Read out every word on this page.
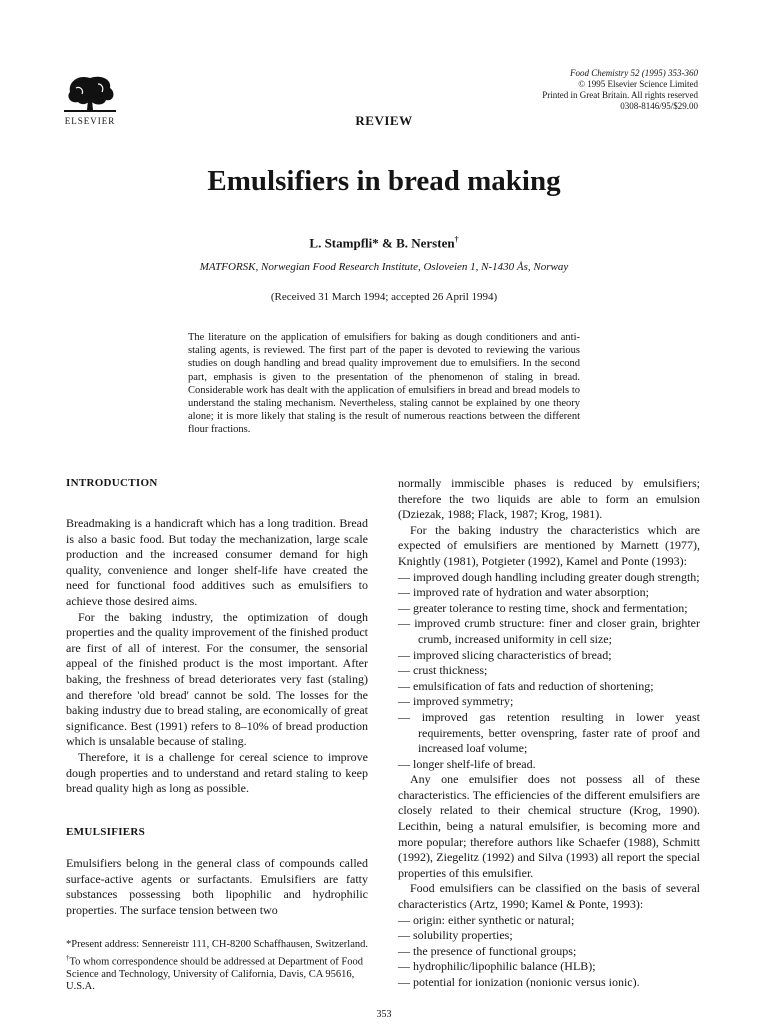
ELSEVIER
Food Chemistry 52 (1995) 353-360
© 1995 Elsevier Science Limited
Printed in Great Britain. All rights reserved
0308-8146/95/$29.00
REVIEW
Emulsifiers in bread making
L. Stampfli* & B. Nersten†
MATFORSK, Norwegian Food Research Institute, Osloveien 1, N-1430 Ås, Norway
(Received 31 March 1994; accepted 26 April 1994)
The literature on the application of emulsifiers for baking as dough conditioners and anti-staling agents, is reviewed. The first part of the paper is devoted to reviewing the various studies on dough handling and bread quality improvement due to emulsifiers. In the second part, emphasis is given to the presentation of the phenomenon of staling in bread. Considerable work has dealt with the application of emulsifiers in bread and bread models to understand the staling mechanism. Nevertheless, staling cannot be explained by one theory alone; it is more likely that staling is the result of numerous reactions between the different flour fractions.
INTRODUCTION

Breadmaking is a handicraft which has a long tradition. Bread is also a basic food. But today the mechanization, large scale production and the increased consumer demand for high quality, convenience and longer shelf-life have created the need for functional food additives such as emulsifiers to achieve those desired aims.

For the baking industry, the optimization of dough properties and the quality improvement of the finished product are first of all of interest. For the consumer, the sensorial appeal of the finished product is the most important. After baking, the freshness of bread deteriorates very fast (staling) and therefore 'old bread' cannot be sold. The losses for the baking industry due to bread staling, are economically of great significance. Best (1991) refers to 8–10% of bread production which is unsalable because of staling.

Therefore, it is a challenge for cereal science to improve dough properties and to understand and retard staling to keep bread quality high as long as possible.

EMULSIFIERS

Emulsifiers belong in the general class of compounds called surface-active agents or surfactants. Emulsifiers are fatty substances possessing both lipophilic and hydrophilic properties. The surface tension between two

*Present address: Sennereistr 111, CH-8200 Schaffhausen, Switzerland.
†To whom correspondence should be addressed at Department of Food Science and Technology, University of California, Davis, CA 95616, U.S.A.

normally immiscible phases is reduced by emulsifiers; therefore the two liquids are able to form an emulsion (Dziezak, 1988; Flack, 1987; Krog, 1981).

For the baking industry the characteristics which are expected of emulsifiers are mentioned by Marnett (1977), Knightly (1981), Potgieter (1992), Kamel and Ponte (1993):

— improved dough handling including greater dough strength;
— improved rate of hydration and water absorption;
— greater tolerance to resting time, shock and fermentation;
— improved crumb structure: finer and closer grain, brighter crumb, increased uniformity in cell size;
— improved slicing characteristics of bread;
— crust thickness;
— emulsification of fats and reduction of shortening;
— improved symmetry;
— improved gas retention resulting in lower yeast requirements, better ovenspring, faster rate of proof and increased loaf volume;
— longer shelf-life of bread.

Any one emulsifier does not possess all of these characteristics. The efficiencies of the different emulsifiers are closely related to their chemical structure (Krog, 1990). Lecithin, being a natural emulsifier, is becoming more and more popular; therefore authors like Schaefer (1988), Schmitt (1992), Ziegelitz (1992) and Silva (1993) all report the special properties of this emulsifier.

Food emulsifiers can be classified on the basis of several characteristics (Artz, 1990; Kamel & Ponte, 1993):

— origin: either synthetic or natural;
— solubility properties;
— the presence of functional groups;
— hydrophilic/lipophilic balance (HLB);
— potential for ionization (nonionic versus ionic).
353
